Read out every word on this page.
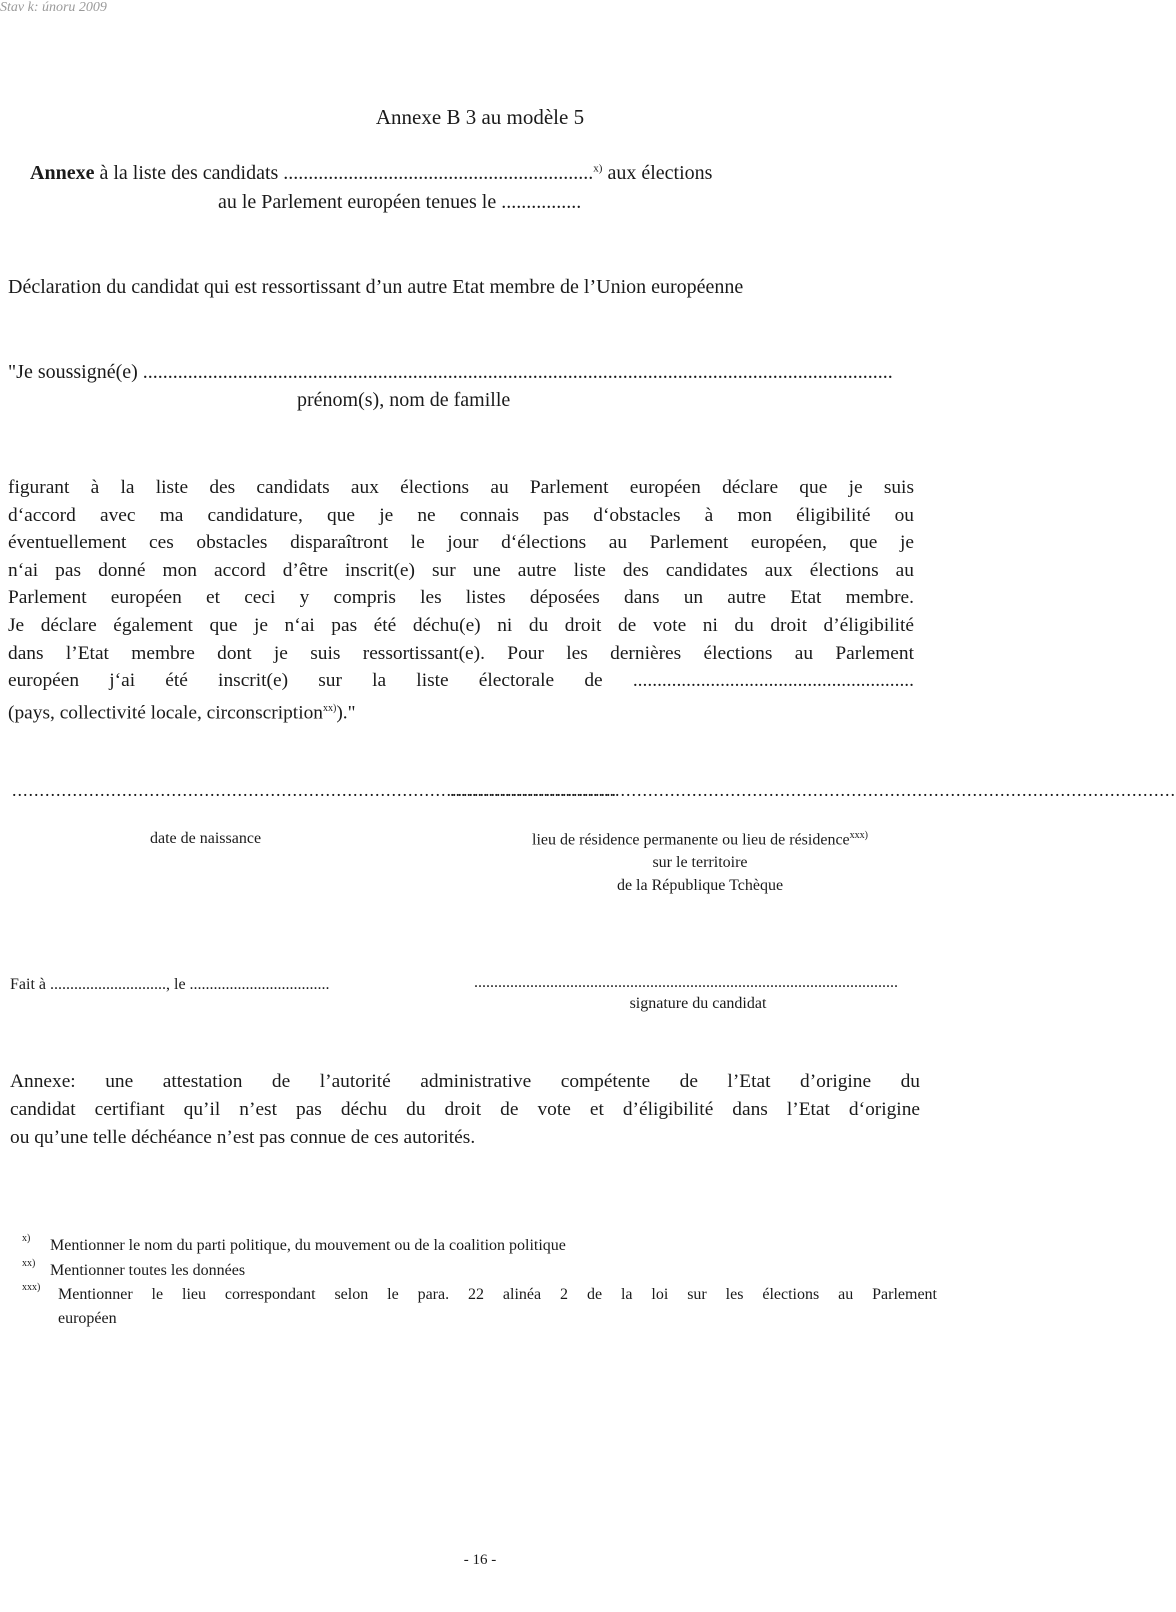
Stav k: únoru 2009
Annexe B 3 au modèle 5
Annexe à la liste des candidats ..............................................................$^{x)}$ aux élections
au le Parlement européen tenues le ................
Déclaration du candidat qui est ressortissant d’un autre Etat membre de l’Union européenne
"Je soussigné(e) ......................................................................................................................................................
prénom(s), nom de famille
figurant à la liste des candidats aux élections au Parlement européen déclare que je suis
d‘accord avec ma candidature, que je ne connais pas d‘obstacles à mon éligibilité ou
éventuellement ces obstacles disparaîtront le jour d‘élections au Parlement européen, que je
n‘ai pas donné mon accord d’être inscrit(e) sur une autre liste des candidates aux élections au
Parlement européen et ceci y compris les listes déposées dans un autre Etat membre.
Je déclare également que je n‘ai pas été déchu(e) ni du droit de vote ni du droit d’éligibilité
dans l’Etat membre dont je suis ressortissant(e). Pour les dernières élections au Parlement
européen j‘ai été inscrit(e) sur la liste électorale de ..........................................................
(pays, collectivité locale, circonscription$^{xx)}$)."
..............................................................................................................
....................................................................................................................................
date de naissance	lieu de résidence permanente ou lieu de résidence$^{xxx)}$
sur le territoire
de la République Tchèque
Fait à ............................., le ...................................	..........................................................................................................
signature du candidat
Annexe: une attestation de l’autorité administrative compétente de l’Etat d’origine du
candidat certifiant qu’il n’est pas déchu du droit de vote et d’éligibilité dans l’Etat d‘origine
ou qu’une telle déchéance n’est pas connue de ces autorités.
x) Mentionner le nom du parti politique, du mouvement ou de la coalition politique
xx) Mentionner toutes les données
xxx) Mentionner le lieu correspondant selon le para. 22 alinéa 2 de la loi sur les élections au Parlement
européen
- 16 -
